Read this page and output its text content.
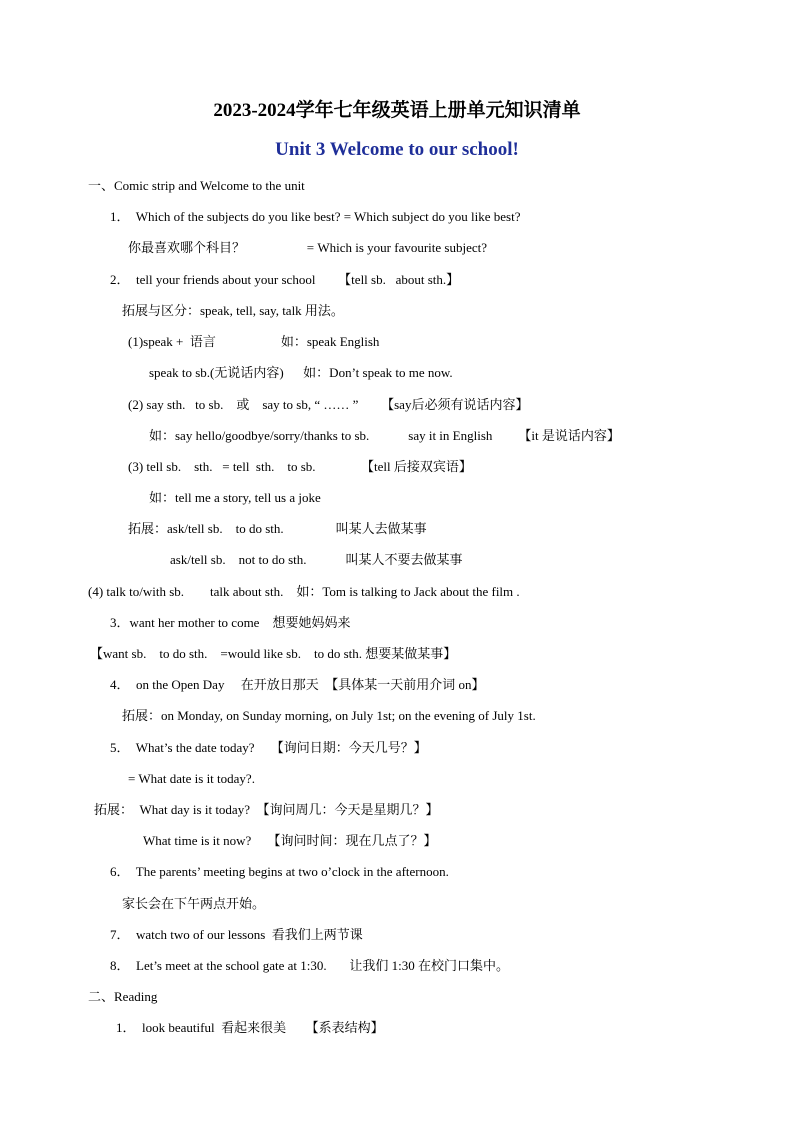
2023-2024学年七年级英语上册单元知识清单
Unit 3 Welcome to our school!
一、Comic strip and Welcome to the unit
1．  Which of the subjects do you like best? = Which subject do you like best?
你最喜欢哪个科目？                   = Which is your favourite subject?
2．  tell your friends about your school       【tell sb.   about sth.】
拓展与区分：speak, tell, say, talk 用法。
(1)speak +  语言                    如：speak English
speak to sb.(无说话内容)      如：Don’t speak to me now.
(2) say sth.   to sb.    或    say to sb, “ …… ”       【say后必须有说话内容】
如：say hello/goodbye/sorry/thanks to sb.            say it in English        【it 是说话内容】
(3) tell sb.    sth.   = tell  sth.    to sb.              【tell 后接双宾语】
如：tell me a story, tell us a joke
拓展：ask/tell sb.    to do sth.                叫某人去做某事
ask/tell sb.    not to do sth.            叫某人不要去做某事
(4) talk to/with sb.        talk about sth.    如：Tom is talking to Jack about the film .
3．want her mother to come    想要她妈妈来
【want sb.    to do sth.    =would like sb.    to do sth. 想要某做某事】
4．  on the Open Day     在开放日那天  【具体某一天前用介词 on】
拓展：on Monday, on Sunday morning, on July 1st; on the evening of July 1st.
5．  What’s the date today?     【询问日期：今天几号？】
= What date is it today?.
拓展：  What day is it today?  【询问周几：今天是星期几？】
What time is it now?     【询问时间：现在几点了？】
6．  The parents’ meeting begins at two o’clock in the afternoon.
家长会在下午两点开始。
7．  watch two of our lessons  看我们上两节课
8．  Let’s meet at the school gate at 1:30.       让我们 1:30 在校门口集中。
二、Reading
1．  look beautiful  看起来很美      【系表结构】
